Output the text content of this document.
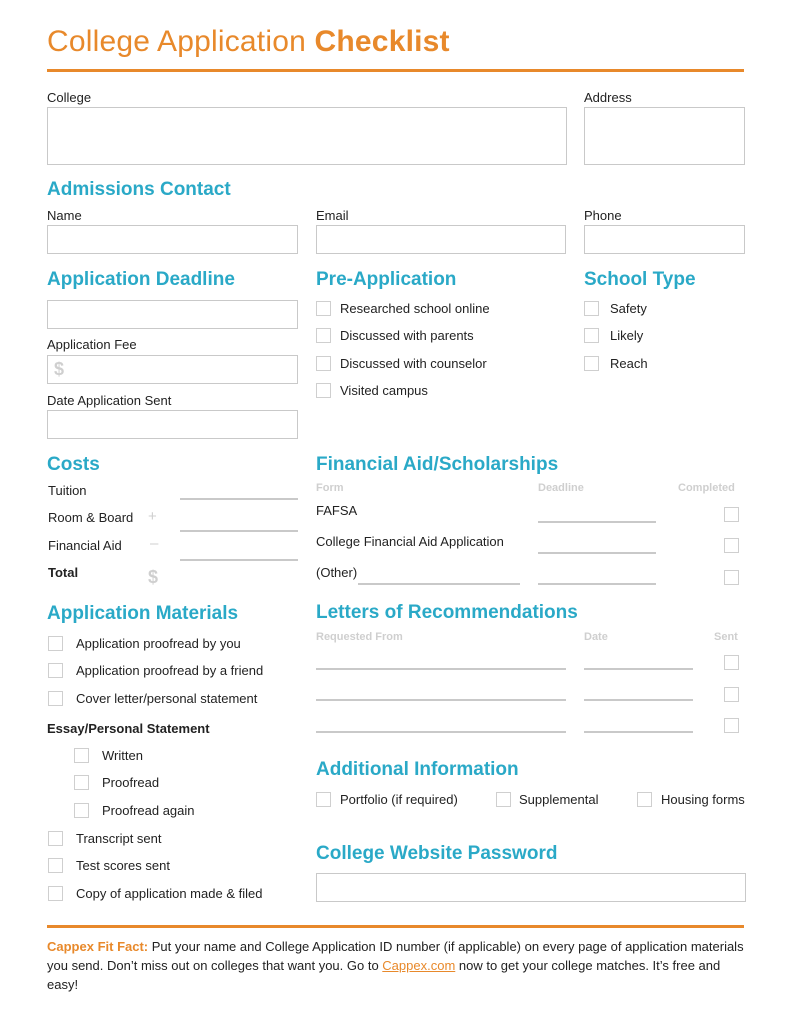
College Application Checklist
College	Address
Admissions Contact
Name	Email	Phone
Application Deadline
Application Fee
$
Date Application Sent
Pre-Application
Researched school online
Discussed with parents
Discussed with counselor
Visited campus
School Type
Safety
Likely
Reach
Costs
Tuition
Room & Board +
Financial Aid –
Total	$
Financial Aid/Scholarships
Form	Deadline	Completed
FAFSA
College Financial Aid Application
(Other)
Application Materials
Application proofread by you
Application proofread by a friend
Cover letter/personal statement
Essay/Personal Statement
Written
Proofread
Proofread again
Transcript sent
Test scores sent
Copy of application made & filed
Letters of Recommendations
Requested From	Date	Sent
Additional Information
Portfolio (if required)	Supplemental	Housing forms
College Website Password
Cappex Fit Fact: Put your name and College Application ID number (if applicable) on every page of application materials you send. Don’t miss out on colleges that want you. Go to Cappex.com now to get your college matches. It’s free and easy!
